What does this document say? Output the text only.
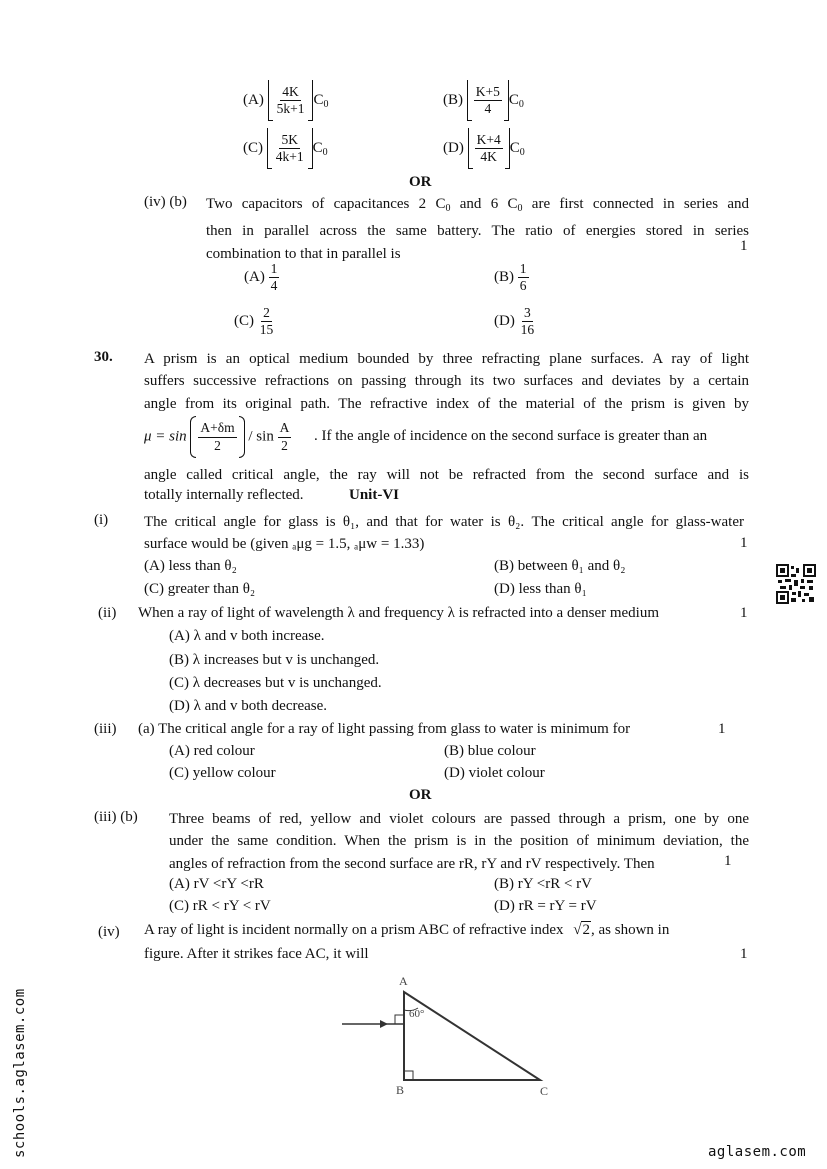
$(A) \frac{4K}{5k+1} C_0$	$(B) \frac{K+5}{4} C_0$
$(C) \frac{5K}{4k+1} C_0$	$(D) \frac{K+4}{4K} C_0$
OR
(iv) (b) Two capacitors of capacitances 2 $C_0$ and 6 $C_0$ are first connected in series and
then in parallel across the same battery. The ratio of energies stored in series
combination to that in parallel is	1
$(A) \frac{1}{4}$	$(B) \frac{1}{6}$
$(C) \frac{2}{15}$	$(D) \frac{3}{16}$
30. A prism is an optical medium bounded by three refracting plane surfaces. A ray of light
suffers successive refractions on passing through its two surfaces and deviates by a certain
angle from its original path. The refractive index of the material of the prism is given by
$\mu = \sin \frac{A+\delta m}{2} / \sin \frac{A}{2}$ . If the angle of incidence on the second surface is greater than an
angle called critical angle, the ray will not be refracted from the second surface and is
totally internally reflected.	Unit-VI
(i) The critical angle for glass is θ₁, and that for water is θ₂. The critical angle for glass-water
surface would be (given ₐμg = 1.5, ₐμw = 1.33)	1
(A) less than θ₂	(B) between θ₁ and θ₂
(C) greater than θ₂	(D) less than θ₁
(ii) When a ray of light of wavelength λ and frequency λ is refracted into a denser medium	1
(A) λ and v both increase.
(B) λ increases but v is unchanged.
(C) λ decreases but v is unchanged.
(D) λ and v both decrease.
(iii) (a) The critical angle for a ray of light passing from glass to water is minimum for	1
(A) red colour	(B) blue colour
(C) yellow colour	(D) violet colour
OR
(iii) (b) Three beams of red, yellow and violet colours are passed through a prism, one by one
under the same condition. When the prism is in the position of minimum deviation, the
angles of refraction from the second surface are rR, rY and rV respectively. Then	1
(A) rV <rY <rR	(B) rY <rR < rV
(C) rR < rY < rV	(D) rR = rY = rV
(iv) A ray of light is incident normally on a prism ABC of refractive index √2, as shown in
figure. After it strikes face AC, it will	1
A
B	C
60°
schools.aglasem.com	aglasem.com
